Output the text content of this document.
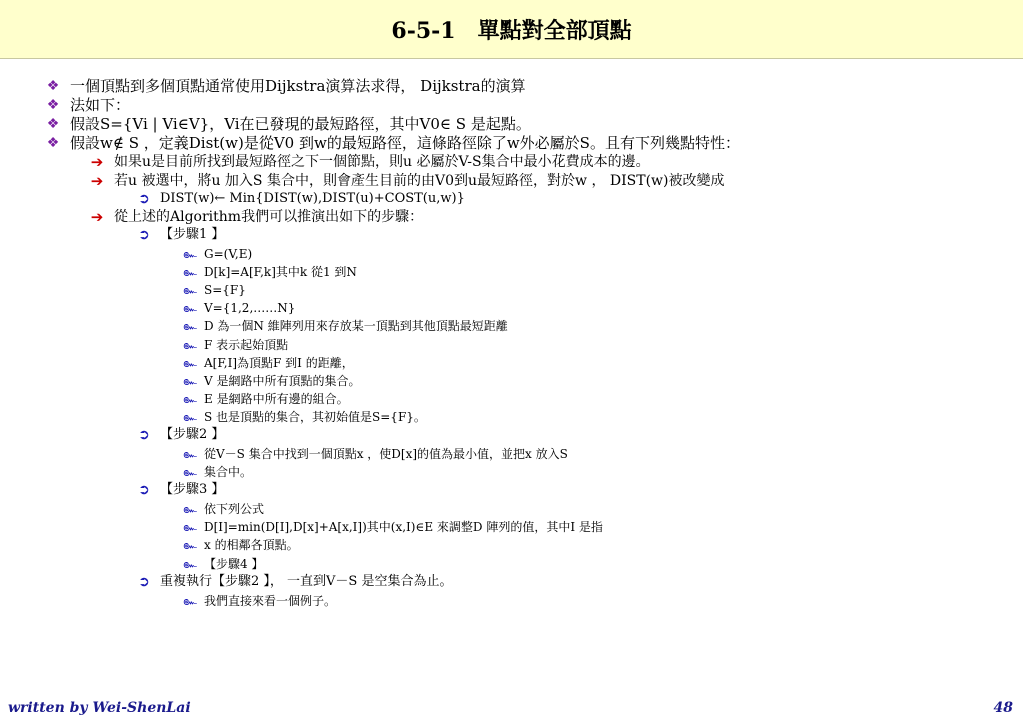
6-5-1　單點對全部頂點
❖ 一個頂點到多個頂點通常使用Dijkstra演算法求得， Dijkstra的演算
❖ 法如下：
❖ 假設S={Vi | Vi∈V}，Vi在已發現的最短路徑，其中V0∈ S 是起點。
❖ 假設w∉ S ，定義Dist(w)是從V0 到w的最短路徑，這條路徑除了w外必屬於S。且有下列幾點特性：
➔ 如果u是目前所找到最短路徑之下一個節點，則u 必屬於V-S集合中最小花費成本的邊。
➔ 若u 被選中，將u 加入S 集合中，則會產生目前的由V0到u最短路徑，對於w ， DIST(w)被改變成
➲ DIST(w)← Min{DIST(w),DIST(u)+COST(u,w)}
➔ 從上述的Algorithm我們可以推演出如下的步驟：
➲ 【步驟1 】
๛ G=(V,E)
๛ D[k]=A[F,k]其中k 從1 到N
๛ S={F}
๛ V={1,2,……N}
๛ D 為一個N 維陣列用來存放某一頂點到其他頂點最短距離
๛ F 表示起始頂點
๛ A[F,I]為頂點F 到I 的距離，
๛ V 是網路中所有頂點的集合。
๛ E 是網路中所有邊的組合。
๛ S 也是頂點的集合，其初始值是S={F}。
➲ 【步驟2 】
๛ 從V－S 集合中找到一個頂點x ，使D[x]的值為最小值，並把x 放入S
๛ 集合中。
➲ 【步驟3 】
๛ 依下列公式
๛ D[I]=min(D[I],D[x]+A[x,I])其中(x,I)∈E 來調整D 陣列的值，其中I 是指
๛ x 的相鄰各頂點。
๛ 【步驟4 】
➲ 重複執行【步驟2 】， 一直到V－S 是空集合為止。
๛ 我們直接來看一個例子。
written by Wei-ShenLai	48
